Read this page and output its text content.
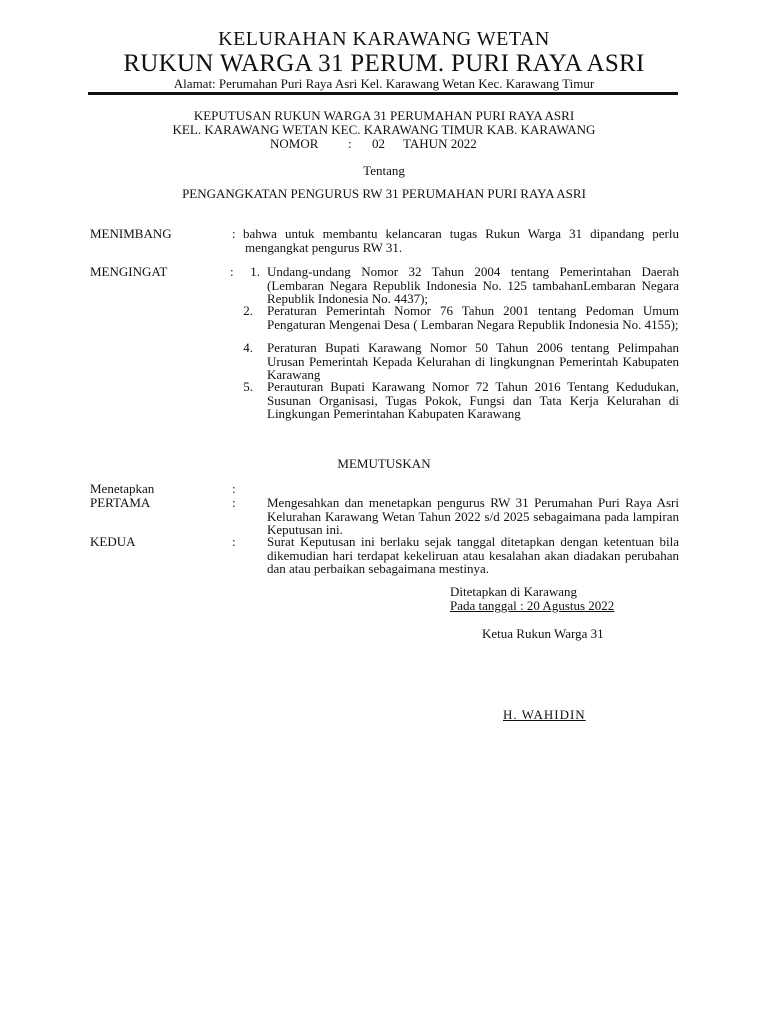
KELURAHAN KARAWANG WETAN
RUKUN WARGA 31 PERUM. PURI RAYA ASRI
Alamat: Perumahan Puri Raya Asri Kel. Karawang Wetan Kec. Karawang Timur
KEPUTUSAN RUKUN WARGA 31 PERUMAHAN PURI RAYA ASRI
KEL. KARAWANG WETAN KEC. KARAWANG TIMUR KAB. KARAWANG
NOMOR : 02 TAHUN 2022
Tentang
PENGANGKATAN PENGURUS RW 31 PERUMAHAN PURI RAYA ASRI
MENIMBANG	: bahwa untuk membantu kelancaran tugas Rukun Warga 31 dipandang perlu mengangkat pengurus RW 31.
MENGINGAT	:	1. Undang-undang Nomor 32 Tahun 2004 tentang Pemerintahan Daerah (Lembaran Negara Republik Indonesia No. 125 tambahanLembaran Negara Republik Indonesia No. 4437);
2. Peraturan Pemerintah Nomor 76 Tahun 2001 tentang Pedoman Umum Pengaturan Mengenai Desa ( Lembaran Negara Republik Indonesia No. 4155);
4. Peraturan Bupati Karawang Nomor 50 Tahun 2006 tentang Pelimpahan Urusan Pemerintah Kepada Kelurahan di lingkungnan Pemerintah Kabupaten Karawang
5. Perauturan Bupati Karawang Nomor 72 Tahun 2016 Tentang Kedudukan, Susunan Organisasi, Tugas Pokok, Fungsi dan Tata Kerja Kelurahan di Lingkungan Pemerintahan Kabupaten Karawang
MEMUTUSKAN
Menetapkan	:
PERTAMA	: Mengesahkan dan menetapkan pengurus RW 31 Perumahan Puri Raya Asri Kelurahan Karawang Wetan Tahun 2022 s/d 2025 sebagaimana pada lampiran Keputusan ini.
KEDUA	: Surat Keputusan ini berlaku sejak tanggal ditetapkan dengan ketentuan bila dikemudian hari terdapat kekeliruan atau kesalahan akan diadakan perubahan dan atau perbaikan sebagaimana mestinya.
Ditetapkan di Karawang
Pada tanggal : 20 Agustus 2022
Ketua Rukun Warga 31
H. WAHIDIN
